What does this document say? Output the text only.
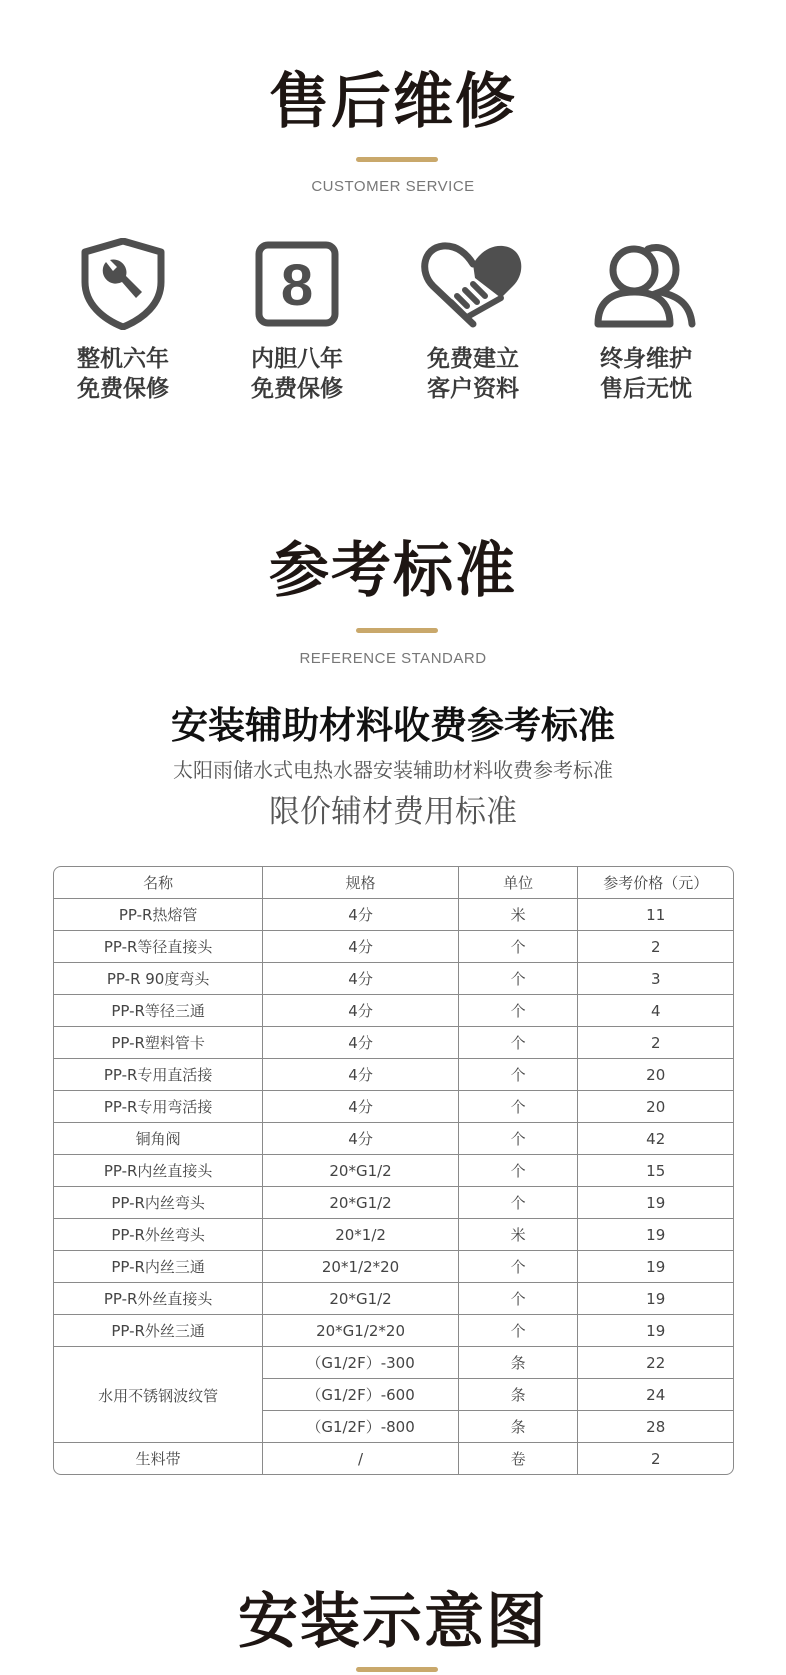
售后维修
CUSTOMER SERVICE
整机六年
免费保修
8
内胆八年
免费保修
免费建立
客户资料
终身维护
售后无忧
参考标准
REFERENCE STANDARD
安装辅助材料收费参考标准
太阳雨储水式电热水器安装辅助材料收费参考标准
限价辅材费用标准
名称	规格	单位	参考价格（元）
PP-R热熔管	4分	米	11
PP-R等径直接头	4分	个	2
PP-R 90度弯头	4分	个	3
PP-R等径三通	4分	个	4
PP-R塑料管卡	4分	个	2
PP-R专用直活接	4分	个	20
PP-R专用弯活接	4分	个	20
铜角阀	4分	个	42
PP-R内丝直接头	20*G1/2	个	15
PP-R内丝弯头	20*G1/2	个	19
PP-R外丝弯头	20*1/2	米	19
PP-R内丝三通	20*1/2*20	个	19
PP-R外丝直接头	20*G1/2	个	19
PP-R外丝三通	20*G1/2*20	个	19
	（G1/2F）-300	条	22
水用不锈钢波纹管	（G1/2F）-600	条	24
	（G1/2F）-800	条	28
生料带	/	卷	2
安装示意图
